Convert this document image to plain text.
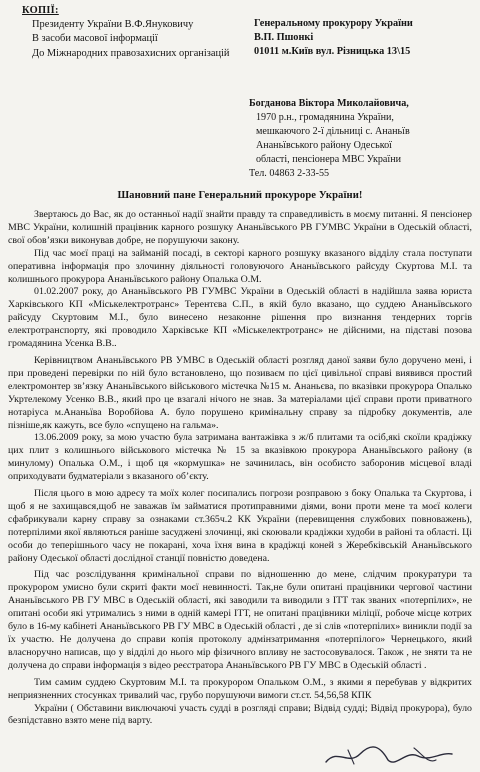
КОПІЇ:
Президенту України В.Ф.Януковичу
В засоби масової інформації
До Міжнародних правозахисних організацій
Генеральному прокурору України
В.П. Пшонкі
01011 м.Київ вул. Різницька 13\15
Богданова Віктора Миколайовича,
1970 р.н., громадянина України,
мешкаючого 2-ї дільниці с. Ананьїв
Ананьївського району Одеської
області, пенсіонера МВС України
Тел. 04863 2-33-55
Шановний пане Генеральний прокуроре України!

Звертаюсь до Вас, як до останньої надії знайти правду та справедливість в моєму питанні. Я пенсіонер МВС України, колишній працівник карного розшуку Ананьївського РВ ГУМВС України в Одеській області, свої обов’язки виконував добре, не порушуючи закону.

Під час моєї праці на займаній посаді, в секторі карного розшуку вказаного відділу стала поступати оперативна інформація про злочинну діяльності головуючого Ананьївського райсуду Скуртова М.І. та колишнього прокурора Ананьївського району Опалька О.М.

01.02.2007 року, до Ананьївського РВ ГУМВС України в Одеській області в надійшла заява юриста Харківського КП «Міськелектротранс» Терентєва С.П., в якій було вказано, що суддею Ананьївського райсуду Скуртовим М.І., було винесено незаконне рішення про визнання тендерних торгів електротранспорту, які проводило Харківське КП «Міськелектротранс» не дійсними, на підставі позова громадянина Усенка В.В..

Керівництвом Ананьївського РВ УМВС в Одеській області розгляд даної заяви було доручено мені, і при проведені перевірки по ній було встановлено, що позиваєм по цієї цивільної справі виявився простий електромонтер зв’язку Ананьївського військового містечка №15 м. Ананьєва, по вказівки прокурора Опалько Укртелекому Усенко В.В., який про це взагалі нічого не знав. За матеріалами цієї справи проти приватного нотаріуса м.Ананьїва Воробйова А. було порушено кримінальну справу за підробку документів, але пізніше,як кажуть, все було «спущено на гальма».

13.06.2009 року, за мою участю була затримана вантажівка з ж/б плитами та осіб,які скоїли крадіжку цих плит з колишнього військового містечка № 15 за вказівкою прокурора Ананьївського району (в минулому) Опалька О.М., і щоб ця «кормушка» не зачинилась, він особисто заборонив місцевої владі оприходувати будматеріали з вказаного об’єкту.

Після цього в мою адресу та моїх колег посипались погрози розправою з боку Опалька та Скуртова, і щоб я не захищався,щоб не заважав їм займатися протиправними діями, вони проти мене та моєї колеги сфабрикували карну справу за ознаками ст.365ч.2 КК України (перевищення службових повноважень), потерпілими якої являються раніше засуджені злочинці, які скоювали крадіжки худоби в районі та області. Ці особи до теперішнього часу не покарані, хоча їхня вина в крадіжці коней з Жеребківській Ананьївського району Одеської області дослідної станції повністю доведена.

Під час розслідування кримінальної справи по відношенню до мене, слідчим прокуратури та прокурором умисно були скриті факти моєї невинності. Так,не були опитані працівники чергової частини Ананьївського РВ ГУ МВС в Одеській області, які заводили та виводили з ІТТ так званих «потерпілих», не опитані особи які утримались з ними в одній камері ІТТ, не опитані працівники міліції, робоче місце котрих було в 16-му кабінеті Ананьївського РВ ГУ МВС в Одеській області , де зі слів «потерпілих» виникли події за їх участю. Не долучена до справи копія протоколу адмінзатримання «потерпілого» Чернецького, який власноручно написав, що у відділі до нього мір фізичного впливу не застосовувалося. Також , не зняти та не долучена до справи інформація з відео реєстратора Ананьївського РВ ГУ МВС в Одеській області .

Тим самим суддею Скуртовим М.І. та прокурором Опальком О.М., з якими я перебував у відкритих неприязненних стосунках тривалий час, грубо порушуючи вимоги ст.ст. 54,56,58 КПК

України ( Обставини виключаючі участь судді в розгляді справи; Відвід судді; Відвід прокурора), було безпідставно взято мене під варту.
